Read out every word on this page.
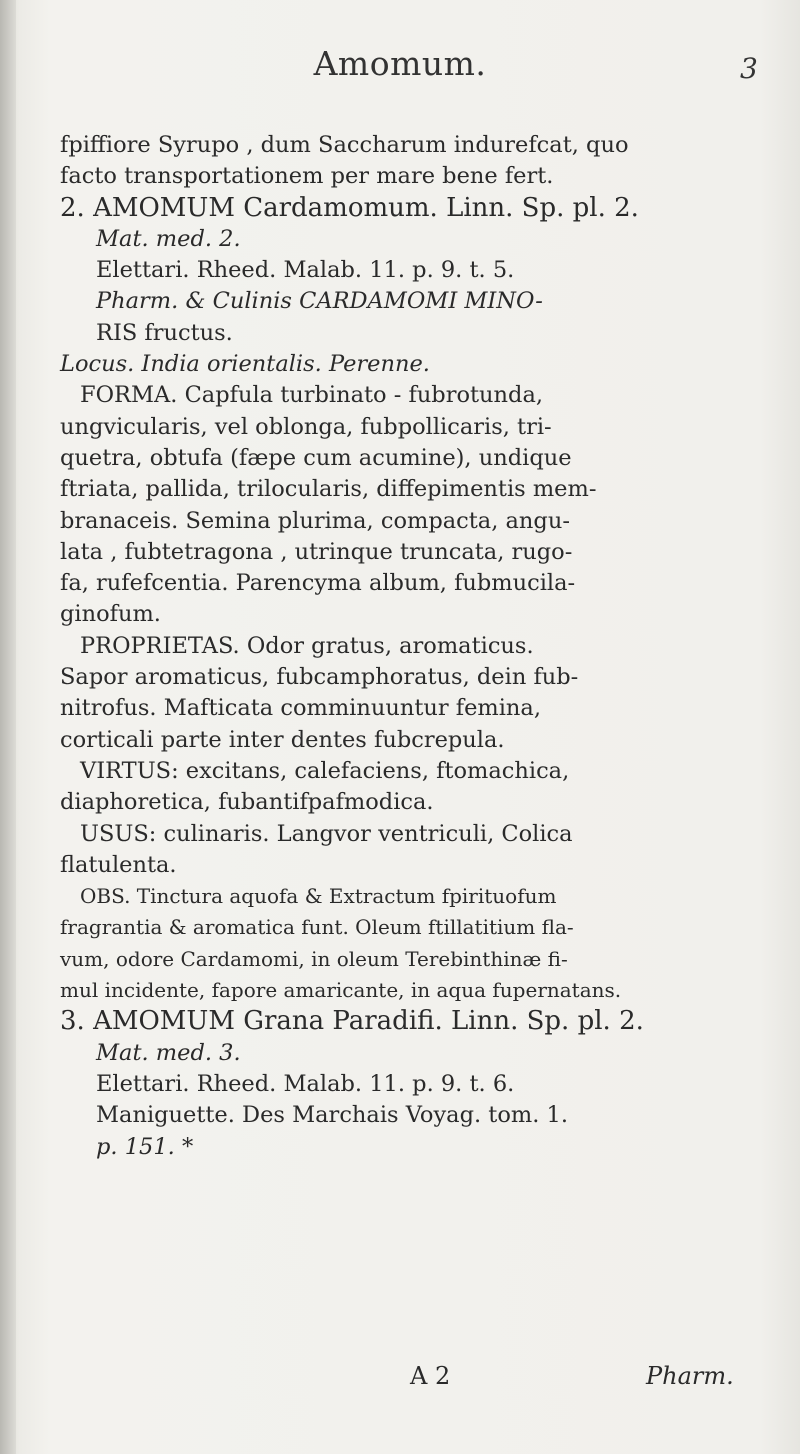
Amomum.	3
fpiffiore Syrupo , dum Saccharum indurefcat, quo
facto transportationem per mare bene fert.
2. AMOMUM Cardamomum. Linn. Sp. pl. 2.
Mat. med. 2.
Elettari. Rheed. Malab. 11. p. 9. t. 5.
Pharm. & Culinis CARDAMOMI MINO-
RIS fructus.
Locus. India orientalis. Perenne.
FORMA. Capfula turbinato - fubrotunda,
ungvicularis, vel oblonga, fubpollicaris, tri-
quetra, obtufa (fæpe cum acumine), undique
ftriata, pallida, trilocularis, diffepimentis mem-
branaceis. Semina plurima, compacta, angu-
lata , fubtetragona , utrinque truncata, rugo-
fa, rufefcentia. Parencyma album, fubmucila-
ginofum.
PROPRIETAS. Odor gratus, aromaticus.
Sapor aromaticus, fubcamphoratus, dein fub-
nitrofus. Mafticata comminuuntur femina,
corticali parte inter dentes fubcrepula.
VIRTUS: excitans, calefaciens, ftomachica,
diaphoretica, fubantifpafmodica.
USUS: culinaris. Langvor ventriculi, Colica
flatulenta.
OBS. Tinctura aquofa & Extractum fpirituofum
fragrantia & aromatica funt. Oleum ftillatitium fla-
vum, odore Cardamomi, in oleum Terebinthinæ fi-
mul incidente, fapore amaricante, in aqua fupernatans.
3. AMOMUM Grana Paradifi. Linn. Sp. pl. 2.
Mat. med. 3.
Elettari. Rheed. Malab. 11. p. 9. t. 6.
Maniguette. Des Marchais Voyag. tom. 1.
p. 151. *
A 2	Pharm.
